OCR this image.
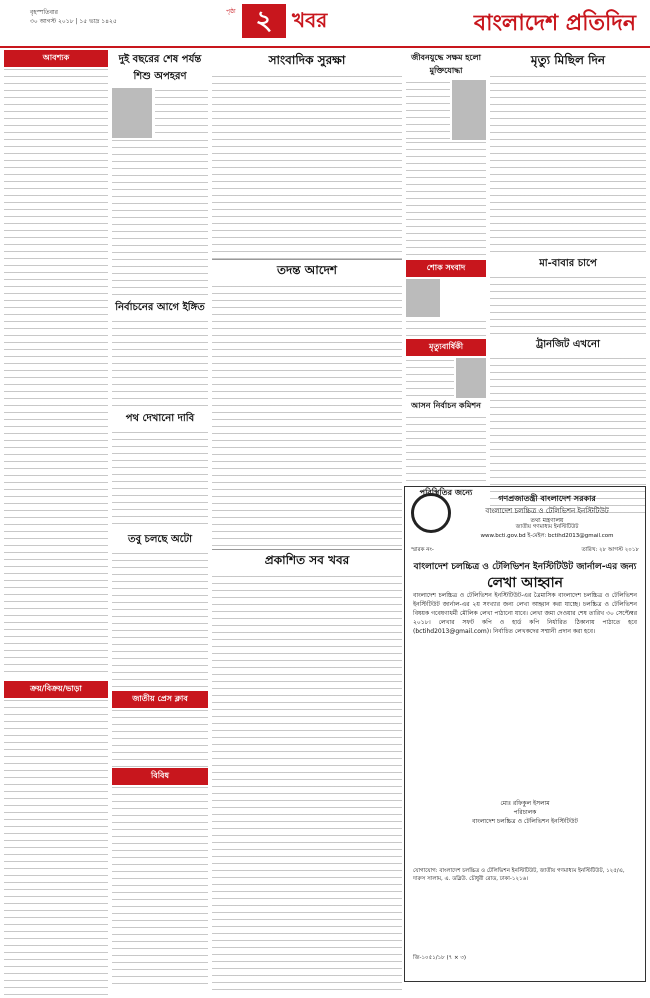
বৃহস্পতিবার
৩০ আগস্ট ২০১৮ | ১৫ ভাদ্র ১৪২৫
পৃষ্ঠা ২ খবর	বাংলাদেশ প্রতিদিন
আবশ্যক
ক্রয়/বিক্রয়/ভাড়া
দুই বছরের শেষ পর্যন্ত শিশু অপহরণ
নির্বাচনের আগে ইঙ্গিত
পথ দেখানো দাবি
তবু চলছে অটো
জাতীয় প্রেস ক্লাব
বিবিধ
সাংবাদিক সুরক্ষা
তদন্ত আদেশ
প্রকাশিত সব খবর
জীবনযুদ্ধে সক্ষম হলো মুক্তিযোদ্ধা
শোক সংবাদ
মৃত্যুবার্ষিকী
আসন নির্বাচন কমিশন
পরিস্থিতির জন্যে
মৃত্যু মিছিল দিন
মা-বাবার চাপে
ট্রানজিট এখনো
গণপ্রজাতন্ত্রী বাংলাদেশ সরকার
বাংলাদেশ চলচ্চিত্র ও টেলিভিশন ইনস্টিটিউট
তথ্য মন্ত্রণালয়
জাতীয় গণমাধ্যম ইনস্টিটিউট
www.bcti.gov.bd ই-মেইল: bctihd2013@gmail.com
স্মারক নং-	তারিখ: ২৮ আগস্ট ২০১৮
বাংলাদেশ চলচ্চিত্র ও টেলিভিশন ইনস্টিটিউট জার্নাল-এর জন্য
লেখা আহ্বান
বাংলাদেশ চলচ্চিত্র ও টেলিভিশন ইনস্টিটিউট-এর ত্রৈমাসিক বাংলাদেশ চলচ্চিত্র ও টেলিভিশন ইনস্টিটিউট জার্নাল-এর ২য় সংখ্যার জন্য লেখা আহ্বান করা যাচ্ছে। চলচ্চিত্র ও টেলিভিশন বিষয়ক গবেষণাধর্মী মৌলিক লেখা পাঠানো যাবে। লেখা জমা দেওয়ার শেষ তারিখ ৩০ সেপ্টেম্বর ২০১৮। লেখার সফট কপি ও হার্ড কপি নির্ধারিত ঠিকানায় পাঠাতে হবে (bctihd2013@gmail.com)। নির্বাচিত লেখকদের সম্মানী প্রদান করা হবে।
মোঃ রফিকুল ইসলাম
পরিচালক
বাংলাদেশ চলচ্চিত্র ও টেলিভিশন ইনস্টিটিউট
যোগাযোগ: বাংলাদেশ চলচ্চিত্র ও টেলিভিশন ইনস্টিটিউট, জাতীয় গণমাধ্যম ইনস্টিটিউট, ১২৫/এ, দারুস সালাম, এ. ডব্লিউ. চৌধুরী রোড, ঢাকা-১২১৬।
জি-১০৫১/১৮ (৭ × ৩)
